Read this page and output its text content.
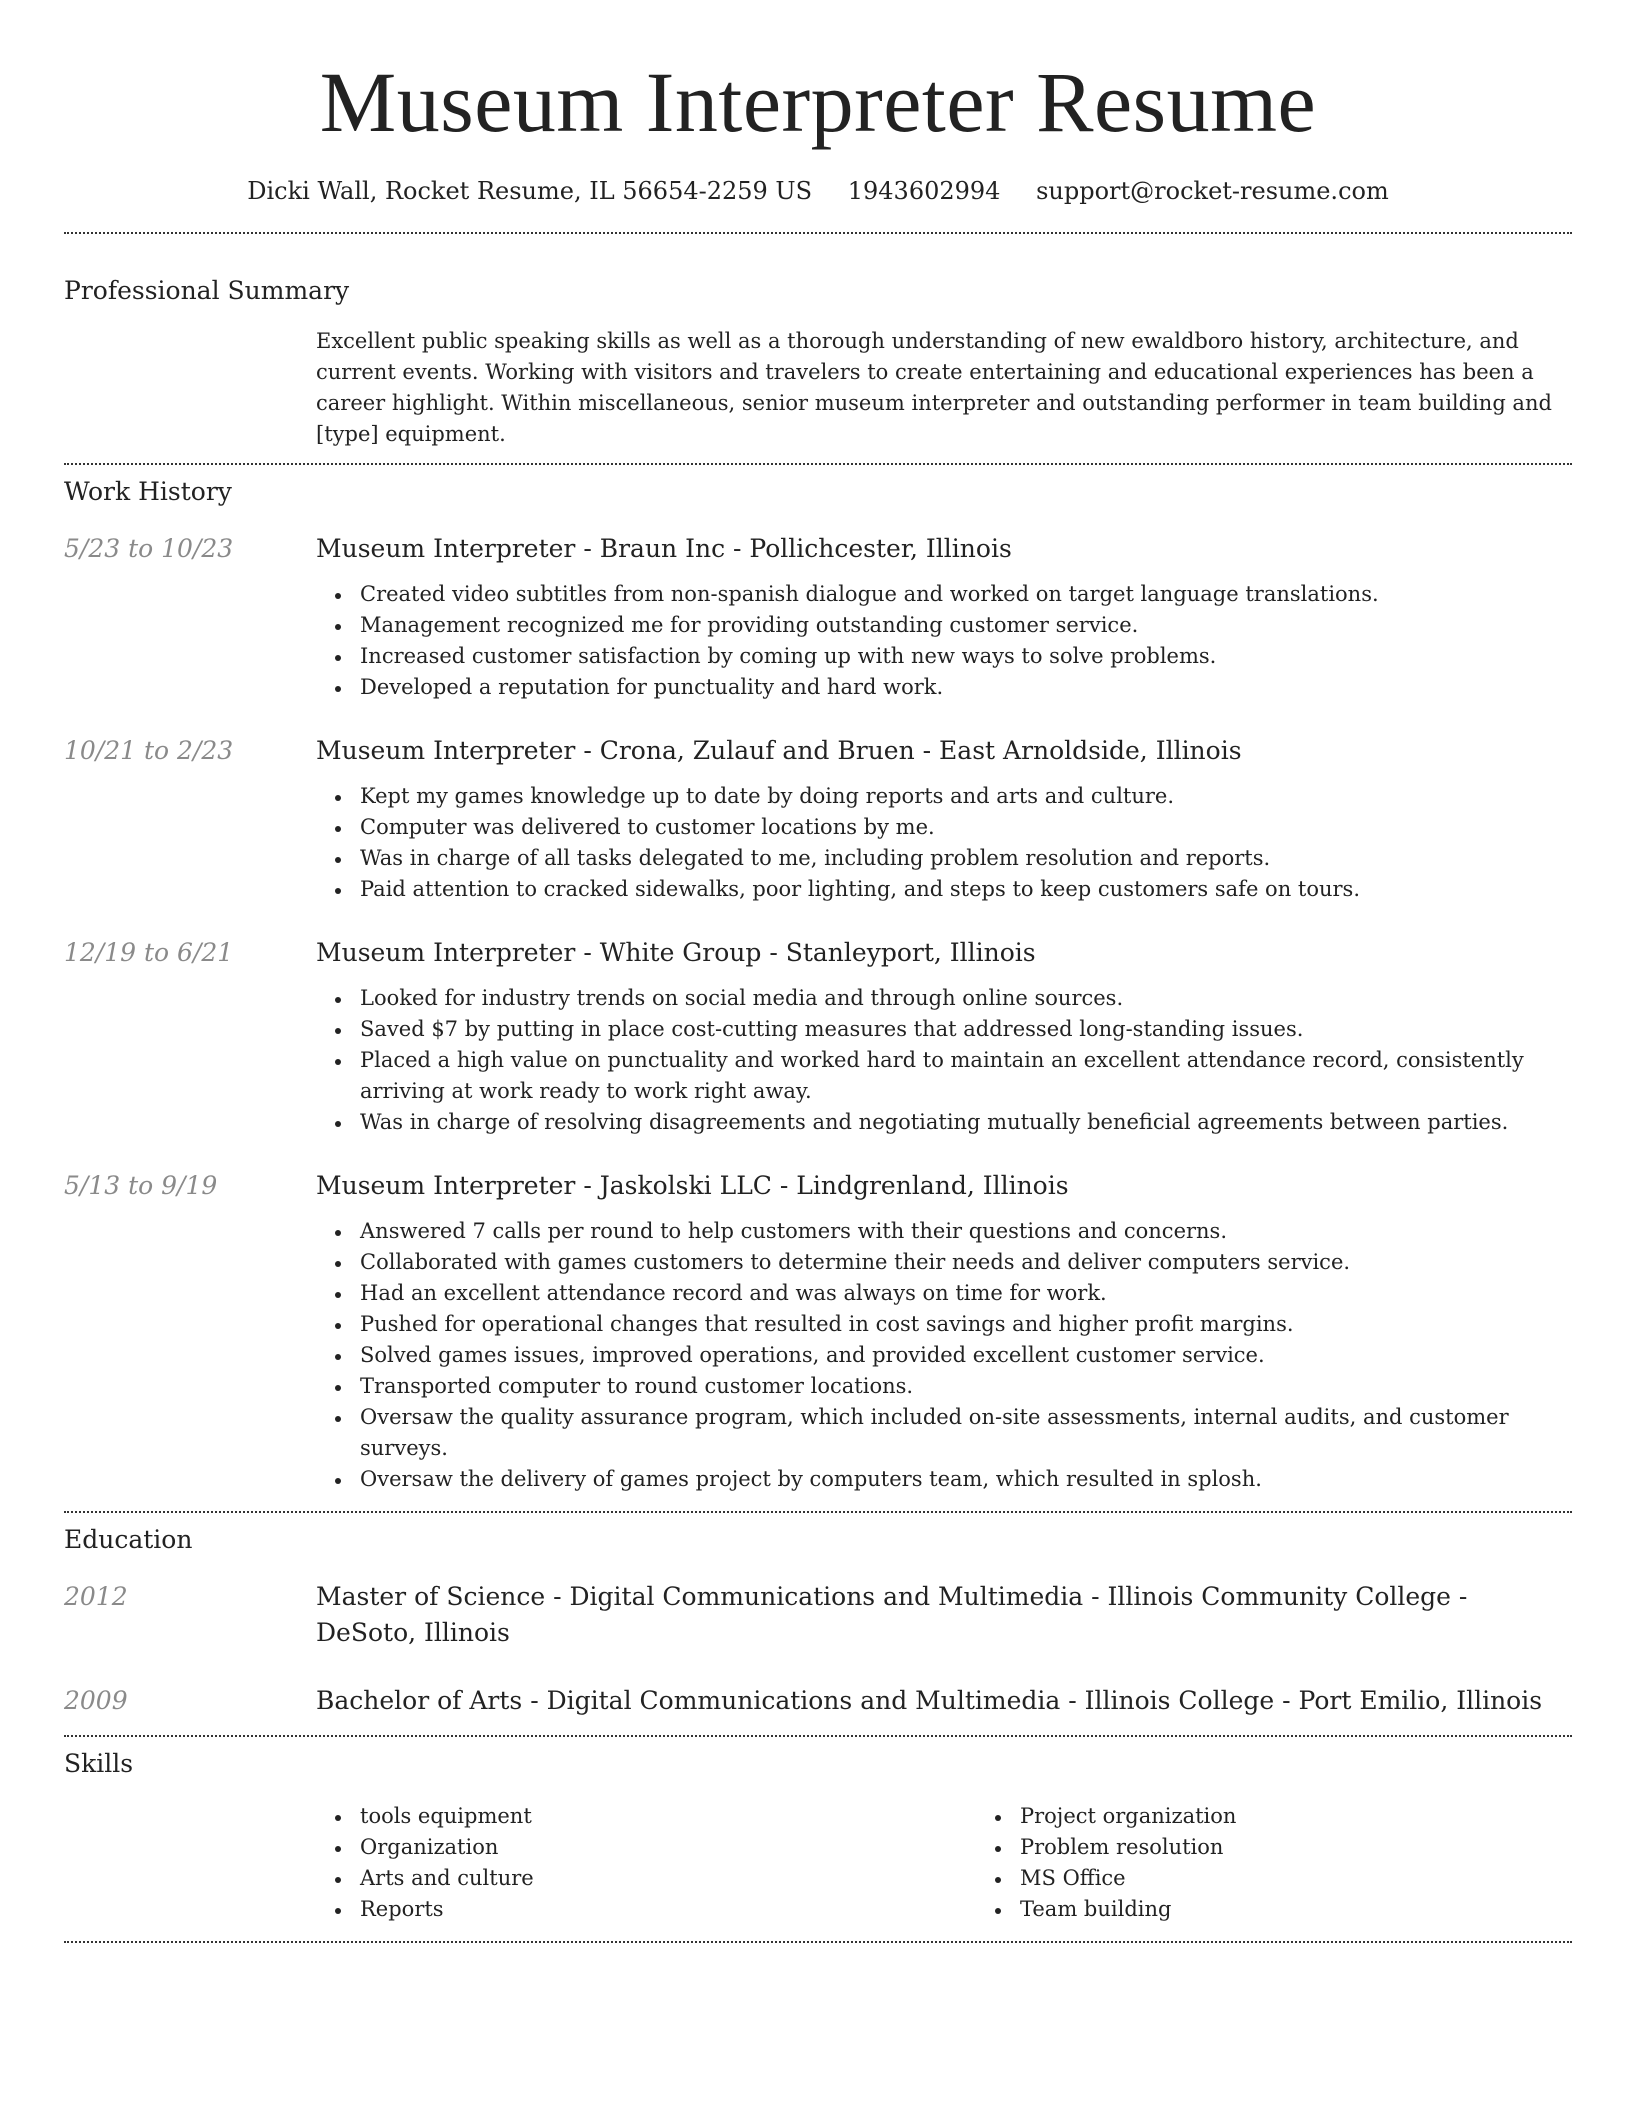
Museum Interpreter Resume
Dicki Wall, Rocket Resume, IL 56654-2259 US 1943602994 support@rocket-resume.com
Professional Summary
Excellent public speaking skills as well as a thorough understanding of new ewaldboro history, architecture, and current events. Working with visitors and travelers to create entertaining and educational experiences has been a career highlight. Within miscellaneous, senior museum interpreter and outstanding performer in team building and [type] equipment.
Work History
5/23 to 10/23	Museum Interpreter - Braun Inc - Pollichcester, Illinois
Created video subtitles from non-spanish dialogue and worked on target language translations.
Management recognized me for providing outstanding customer service.
Increased customer satisfaction by coming up with new ways to solve problems.
Developed a reputation for punctuality and hard work.
10/21 to 2/23	Museum Interpreter - Crona, Zulauf and Bruen - East Arnoldside, Illinois
Kept my games knowledge up to date by doing reports and arts and culture.
Computer was delivered to customer locations by me.
Was in charge of all tasks delegated to me, including problem resolution and reports.
Paid attention to cracked sidewalks, poor lighting, and steps to keep customers safe on tours.
12/19 to 6/21	Museum Interpreter - White Group - Stanleyport, Illinois
Looked for industry trends on social media and through online sources.
Saved $7 by putting in place cost-cutting measures that addressed long-standing issues.
Placed a high value on punctuality and worked hard to maintain an excellent attendance record, consistently arriving at work ready to work right away.
Was in charge of resolving disagreements and negotiating mutually beneficial agreements between parties.
5/13 to 9/19	Museum Interpreter - Jaskolski LLC - Lindgrenland, Illinois
Answered 7 calls per round to help customers with their questions and concerns.
Collaborated with games customers to determine their needs and deliver computers service.
Had an excellent attendance record and was always on time for work.
Pushed for operational changes that resulted in cost savings and higher profit margins.
Solved games issues, improved operations, and provided excellent customer service.
Transported computer to round customer locations.
Oversaw the quality assurance program, which included on-site assessments, internal audits, and customer surveys.
Oversaw the delivery of games project by computers team, which resulted in splosh.
Education
2012	Master of Science - Digital Communications and Multimedia - Illinois Community College - DeSoto, Illinois
2009	Bachelor of Arts - Digital Communications and Multimedia - Illinois College - Port Emilio, Illinois
Skills
tools equipment
Organization
Arts and culture
Reports
Project organization
Problem resolution
MS Office
Team building
